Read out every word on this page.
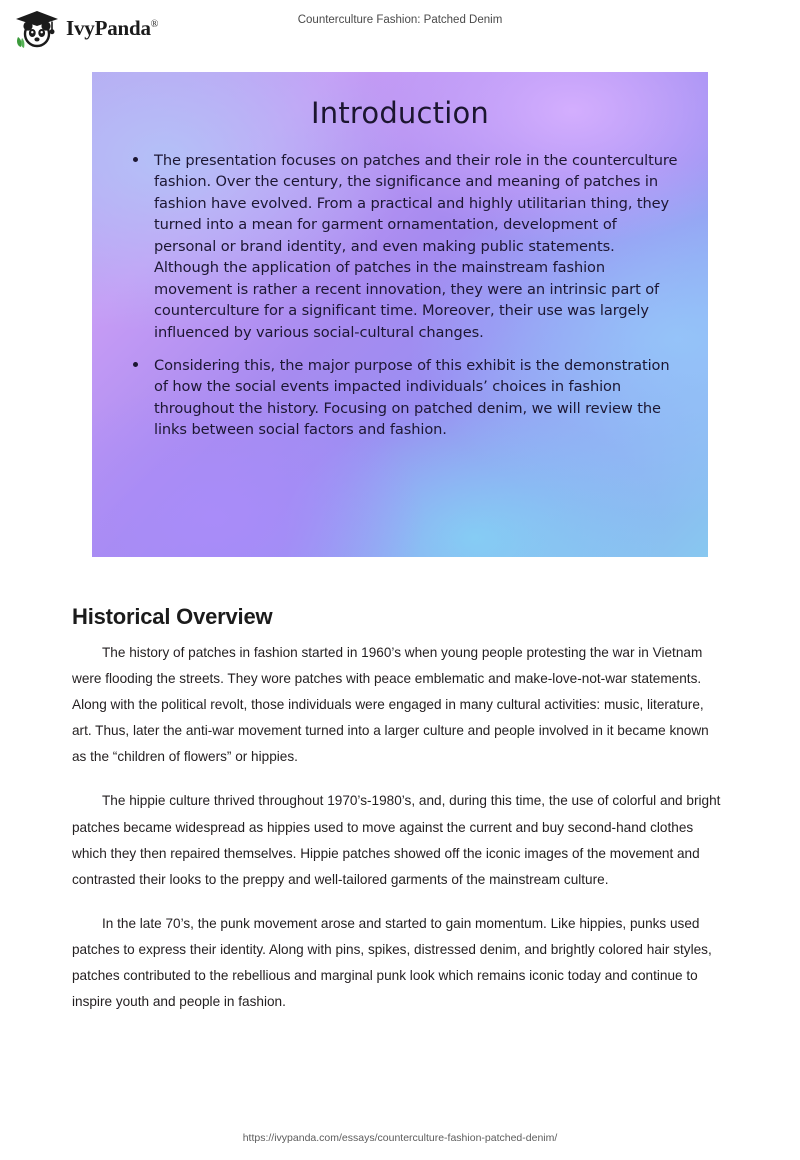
IvyPanda®	Counterculture Fashion: Patched Denim
Introduction
The presentation focuses on patches and their role in the counterculture fashion. Over the century, the significance and meaning of patches in fashion have evolved. From a practical and highly utilitarian thing, they turned into a mean for garment ornamentation, development of personal or brand identity, and even making public statements. Although the application of patches in the mainstream fashion movement is rather a recent innovation, they were an intrinsic part of counterculture for a significant time. Moreover, their use was largely influenced by various social-cultural changes.
Considering this, the major purpose of this exhibit is the demonstration of how the social events impacted individuals’ choices in fashion throughout the history. Focusing on patched denim, we will review the links between social factors and fashion.
Historical Overview

The history of patches in fashion started in 1960’s when young people protesting the war in Vietnam were flooding the streets. They wore patches with peace emblematic and make-love-not-war statements. Along with the political revolt, those individuals were engaged in many cultural activities: music, literature, art. Thus, later the anti-war movement turned into a larger culture and people involved in it became known as the “children of flowers” or hippies.

The hippie culture thrived throughout 1970’s-1980’s, and, during this time, the use of colorful and bright patches became widespread as hippies used to move against the current and buy second-hand clothes which they then repaired themselves. Hippie patches showed off the iconic images of the movement and contrasted their looks to the preppy and well-tailored garments of the mainstream culture.

In the late 70’s, the punk movement arose and started to gain momentum. Like hippies, punks used patches to express their identity. Along with pins, spikes, distressed denim, and brightly colored hair styles, patches contributed to the rebellious and marginal punk look which remains iconic today and continue to inspire youth and people in fashion.

https://ivypanda.com/essays/counterculture-fashion-patched-denim/
